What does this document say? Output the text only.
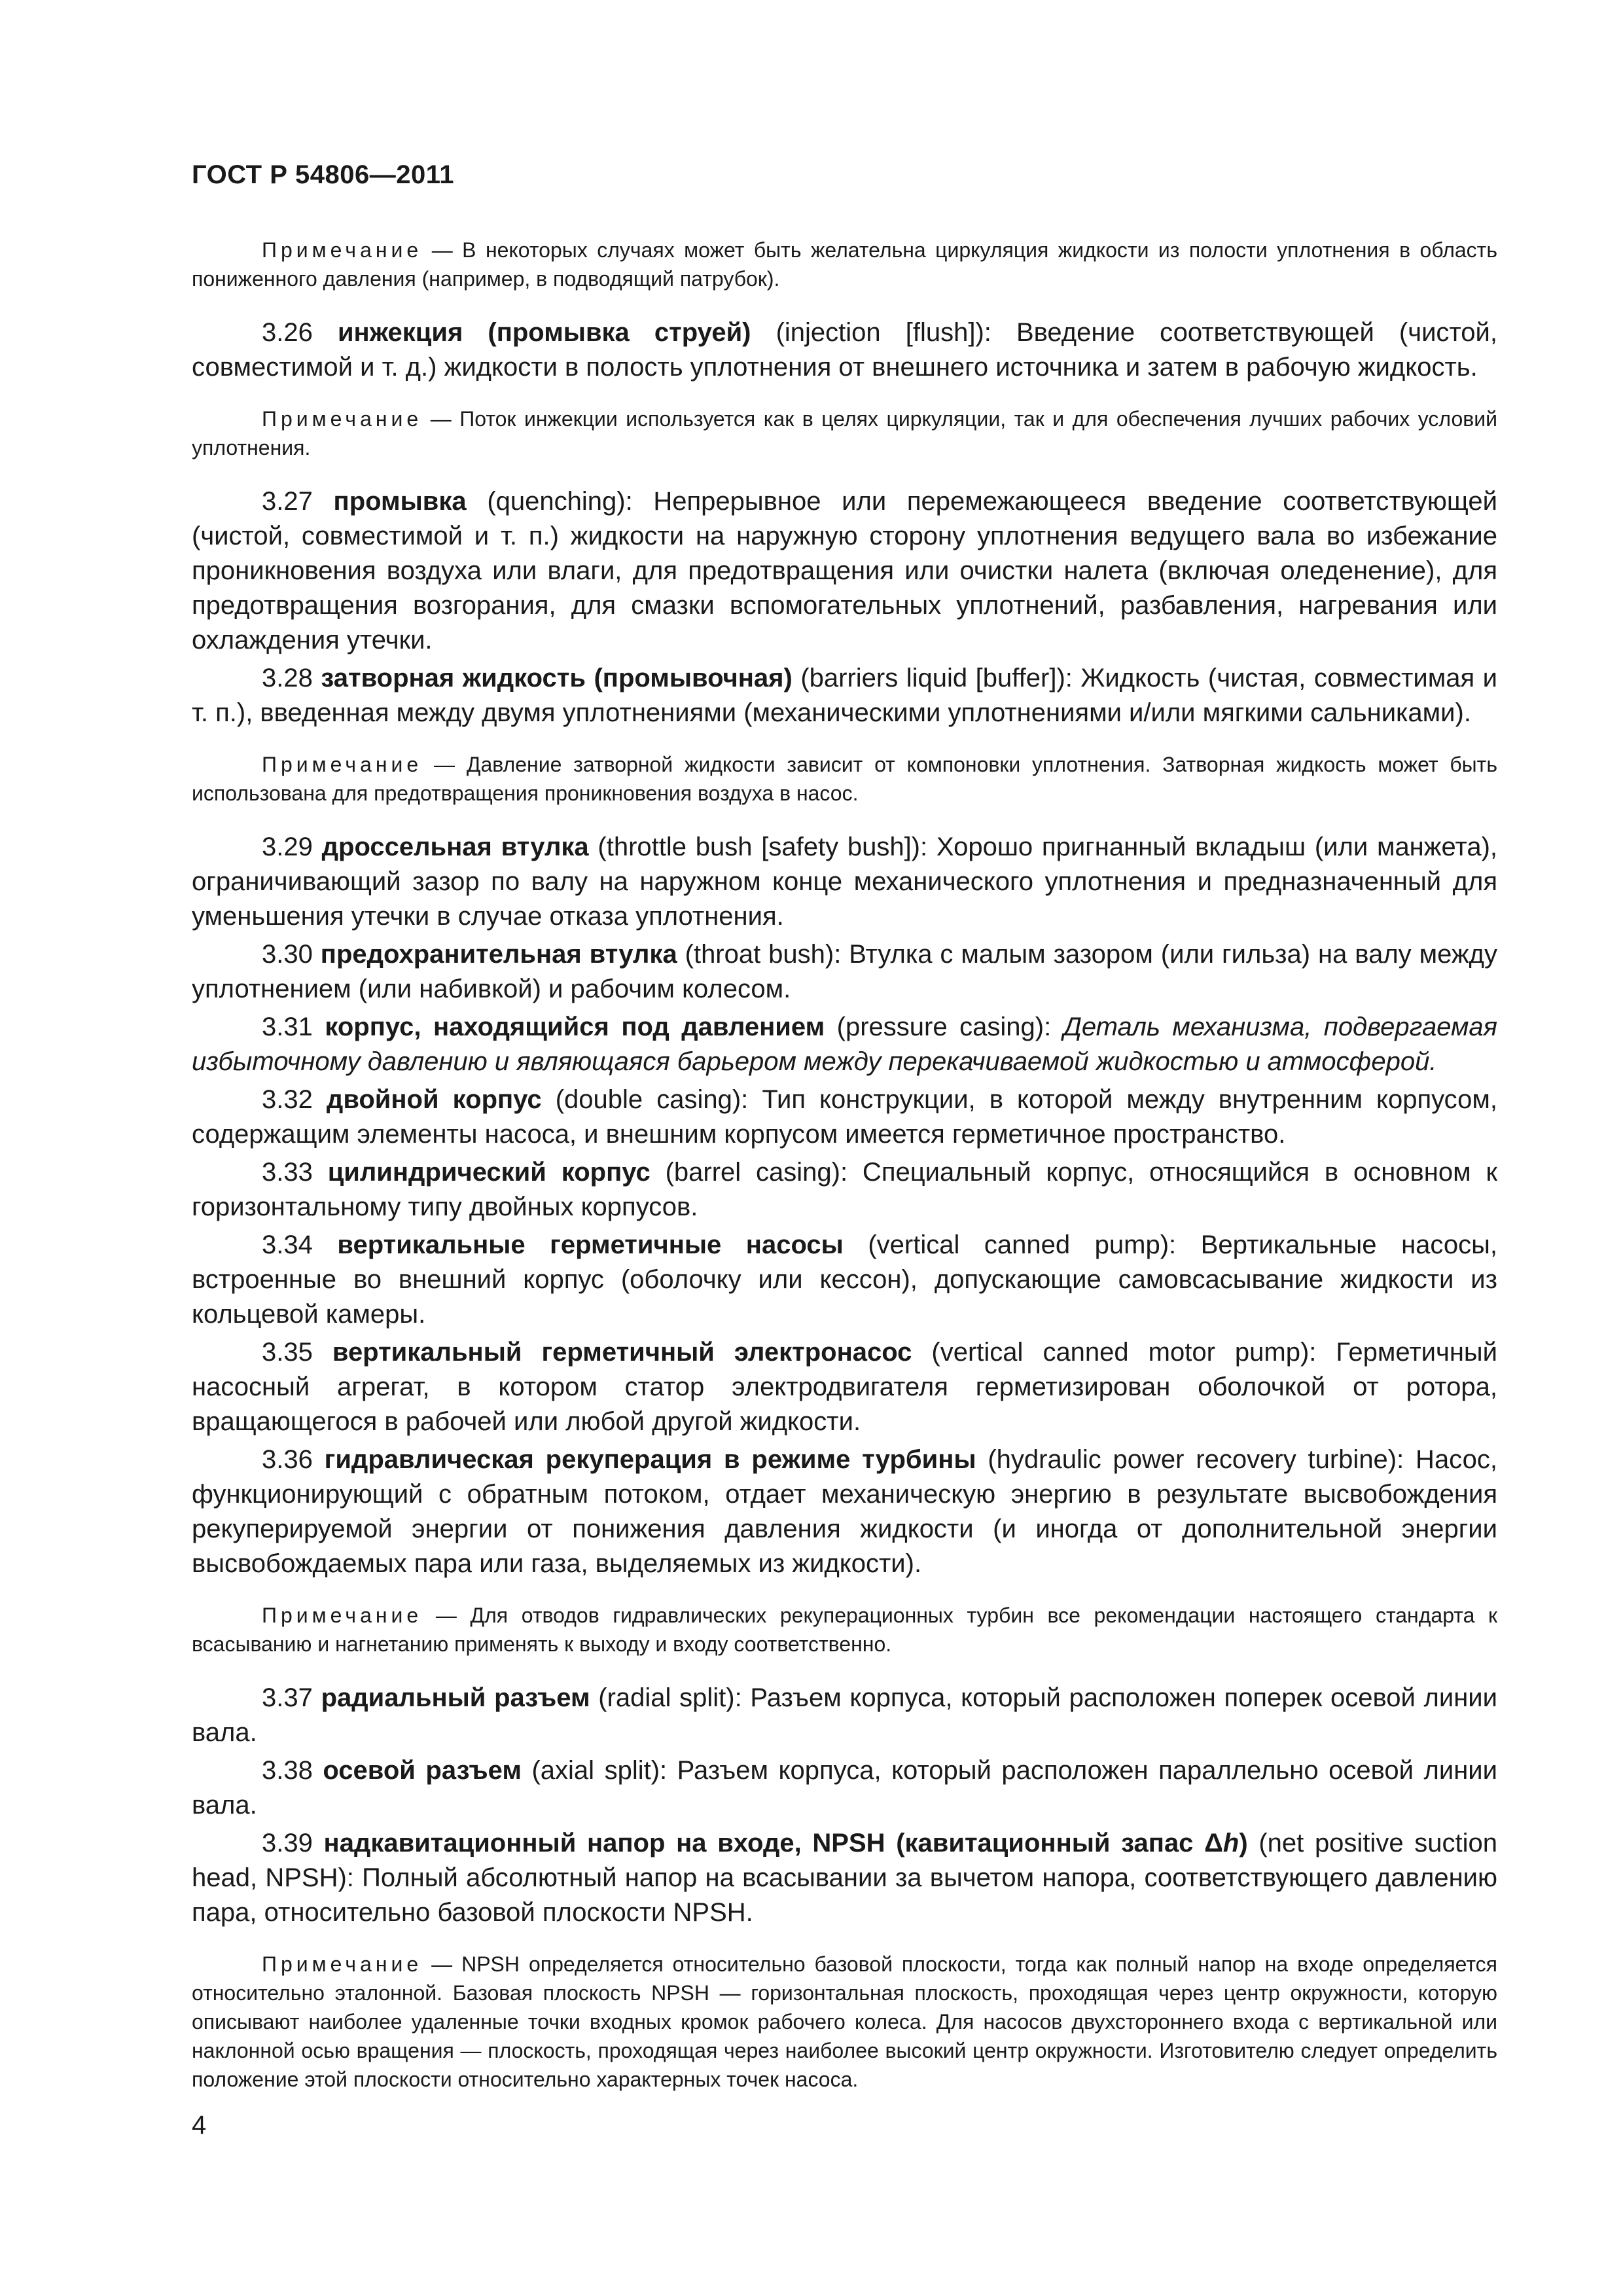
ГОСТ Р 54806—2011

Примечание — В некоторых случаях может быть желательна циркуляция жидкости из полости уплотнения в область пониженного давления (например, в подводящий патрубок).

3.26 инжекция (промывка струей) (injection [flush]): Введение соответствующей (чистой, совместимой и т. д.) жидкости в полость уплотнения от внешнего источника и затем в рабочую жидкость.

Примечание — Поток инжекции используется как в целях циркуляции, так и для обеспечения лучших рабочих условий уплотнения.

3.27 промывка (quenching): Непрерывное или перемежающееся введение соответствующей (чистой, совместимой и т. п.) жидкости на наружную сторону уплотнения ведущего вала во избежание проникновения воздуха или влаги, для предотвращения или очистки налета (включая оледенение), для предотвращения возгорания, для смазки вспомогательных уплотнений, разбавления, нагревания или охлаждения утечки.

3.28 затворная жидкость (промывочная) (barriers liquid [buffer]): Жидкость (чистая, совместимая и т. п.), введенная между двумя уплотнениями (механическими уплотнениями и/или мягкими сальниками).

Примечание — Давление затворной жидкости зависит от компоновки уплотнения. Затворная жидкость может быть использована для предотвращения проникновения воздуха в насос.

3.29 дроссельная втулка (throttle bush [safety bush]): Хорошо пригнанный вкладыш (или манжета), ограничивающий зазор по валу на наружном конце механического уплотнения и предназначенный для уменьшения утечки в случае отказа уплотнения.

3.30 предохранительная втулка (throat bush): Втулка с малым зазором (или гильза) на валу между уплотнением (или набивкой) и рабочим колесом.

3.31 корпус, находящийся под давлением (pressure casing): Деталь механизма, подвергаемая избыточному давлению и являющаяся барьером между перекачиваемой жидкостью и атмосферой.

3.32 двойной корпус (double casing): Тип конструкции, в которой между внутренним корпусом, содержащим элементы насоса, и внешним корпусом имеется герметичное пространство.

3.33 цилиндрический корпус (barrel casing): Специальный корпус, относящийся в основном к горизонтальному типу двойных корпусов.

3.34 вертикальные герметичные насосы (vertical canned pump): Вертикальные насосы, встроенные во внешний корпус (оболочку или кессон), допускающие самовсасывание жидкости из кольцевой камеры.

3.35 вертикальный герметичный электронасос (vertical canned motor pump): Герметичный насосный агрегат, в котором статор электродвигателя герметизирован оболочкой от ротора, вращающегося в рабочей или любой другой жидкости.

3.36 гидравлическая рекуперация в режиме турбины (hydraulic power recovery turbine): Насос, функционирующий с обратным потоком, отдает механическую энергию в результате высвобождения рекуперируемой энергии от понижения давления жидкости (и иногда от дополнительной энергии высвобождаемых пара или газа, выделяемых из жидкости).

Примечание — Для отводов гидравлических рекуперационных турбин все рекомендации настоящего стандарта к всасыванию и нагнетанию применять к выходу и входу соответственно.

3.37 радиальный разъем (radial split): Разъем корпуса, который расположен поперек осевой линии вала.

3.38 осевой разъем (axial split): Разъем корпуса, который расположен параллельно осевой линии вала.

3.39 надкавитационный напор на входе, NPSH (кавитационный запас Δh) (net positive suction head, NPSH): Полный абсолютный напор на всасывании за вычетом напора, соответствующего давлению пара, относительно базовой плоскости NPSH.

Примечание — NPSH определяется относительно базовой плоскости, тогда как полный напор на входе определяется относительно эталонной. Базовая плоскость NPSH — горизонтальная плоскость, проходящая через центр окружности, которую описывают наиболее удаленные точки входных кромок рабочего колеса. Для насосов двухстороннего входа с вертикальной или наклонной осью вращения — плоскость, проходящая через наиболее высокий центр окружности. Изготовителю следует определить положение этой плоскости относительно характерных точек насоса.

4
